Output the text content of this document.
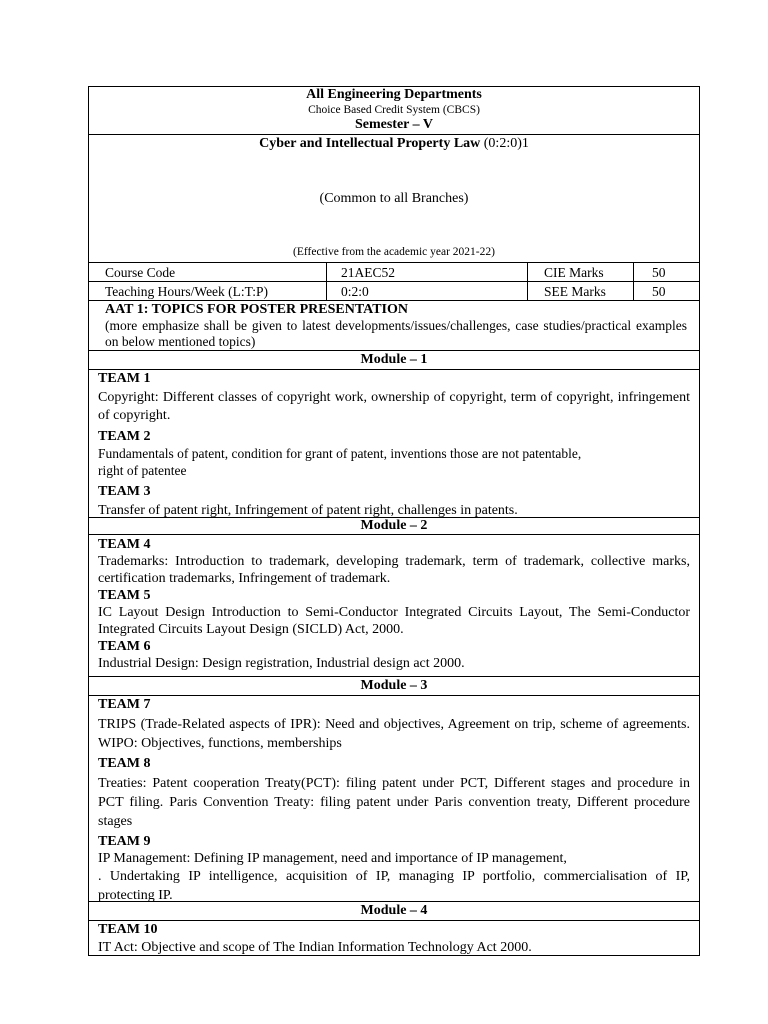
All Engineering Departments
Choice Based Credit System (CBCS)
Semester – V
Cyber and Intellectual Property Law (0:2:0)1
(Common to all Branches)
(Effective from the academic year 2021-22)
Course Code	21AEC52	CIE Marks	50
Teaching Hours/Week (L:T:P)	0:2:0	SEE Marks	50

AAT 1: TOPICS FOR POSTER PRESENTATION

(more emphasize shall be given to latest developments/issues/challenges, case studies/practical examples on below mentioned topics)

Module – 1

TEAM 1

Copyright: Different classes of copyright work, ownership of copyright, term of copyright, infringement of copyright.

TEAM 2

Fundamentals of patent, condition for grant of patent, inventions those are not patentable, right of patentee

TEAM 3

Transfer of patent right, Infringement of patent right, challenges in patents.

Module – 2

TEAM 4

Trademarks: Introduction to trademark, developing trademark, term of trademark, collective marks, certification trademarks, Infringement of trademark.

TEAM 5

IC Layout Design Introduction to Semi-Conductor Integrated Circuits Layout, The Semi-Conductor Integrated Circuits Layout Design (SICLD) Act, 2000.

TEAM 6

Industrial Design: Design registration, Industrial design act 2000.

Module – 3

TEAM 7

TRIPS (Trade-Related aspects of IPR): Need and objectives, Agreement on trip, scheme of agreements. WIPO: Objectives, functions, memberships

TEAM 8

Treaties: Patent cooperation Treaty(PCT): filing patent under PCT, Different stages and procedure in PCT filing. Paris Convention Treaty: filing patent under Paris convention treaty, Different procedure stages

TEAM 9

IP Management: Defining IP management, need and importance of IP management,

. Undertaking IP intelligence, acquisition of IP, managing IP portfolio, commercialisation of IP, protecting IP.

Module – 4

TEAM 10

IT Act: Objective and scope of The Indian Information Technology Act 2000.
